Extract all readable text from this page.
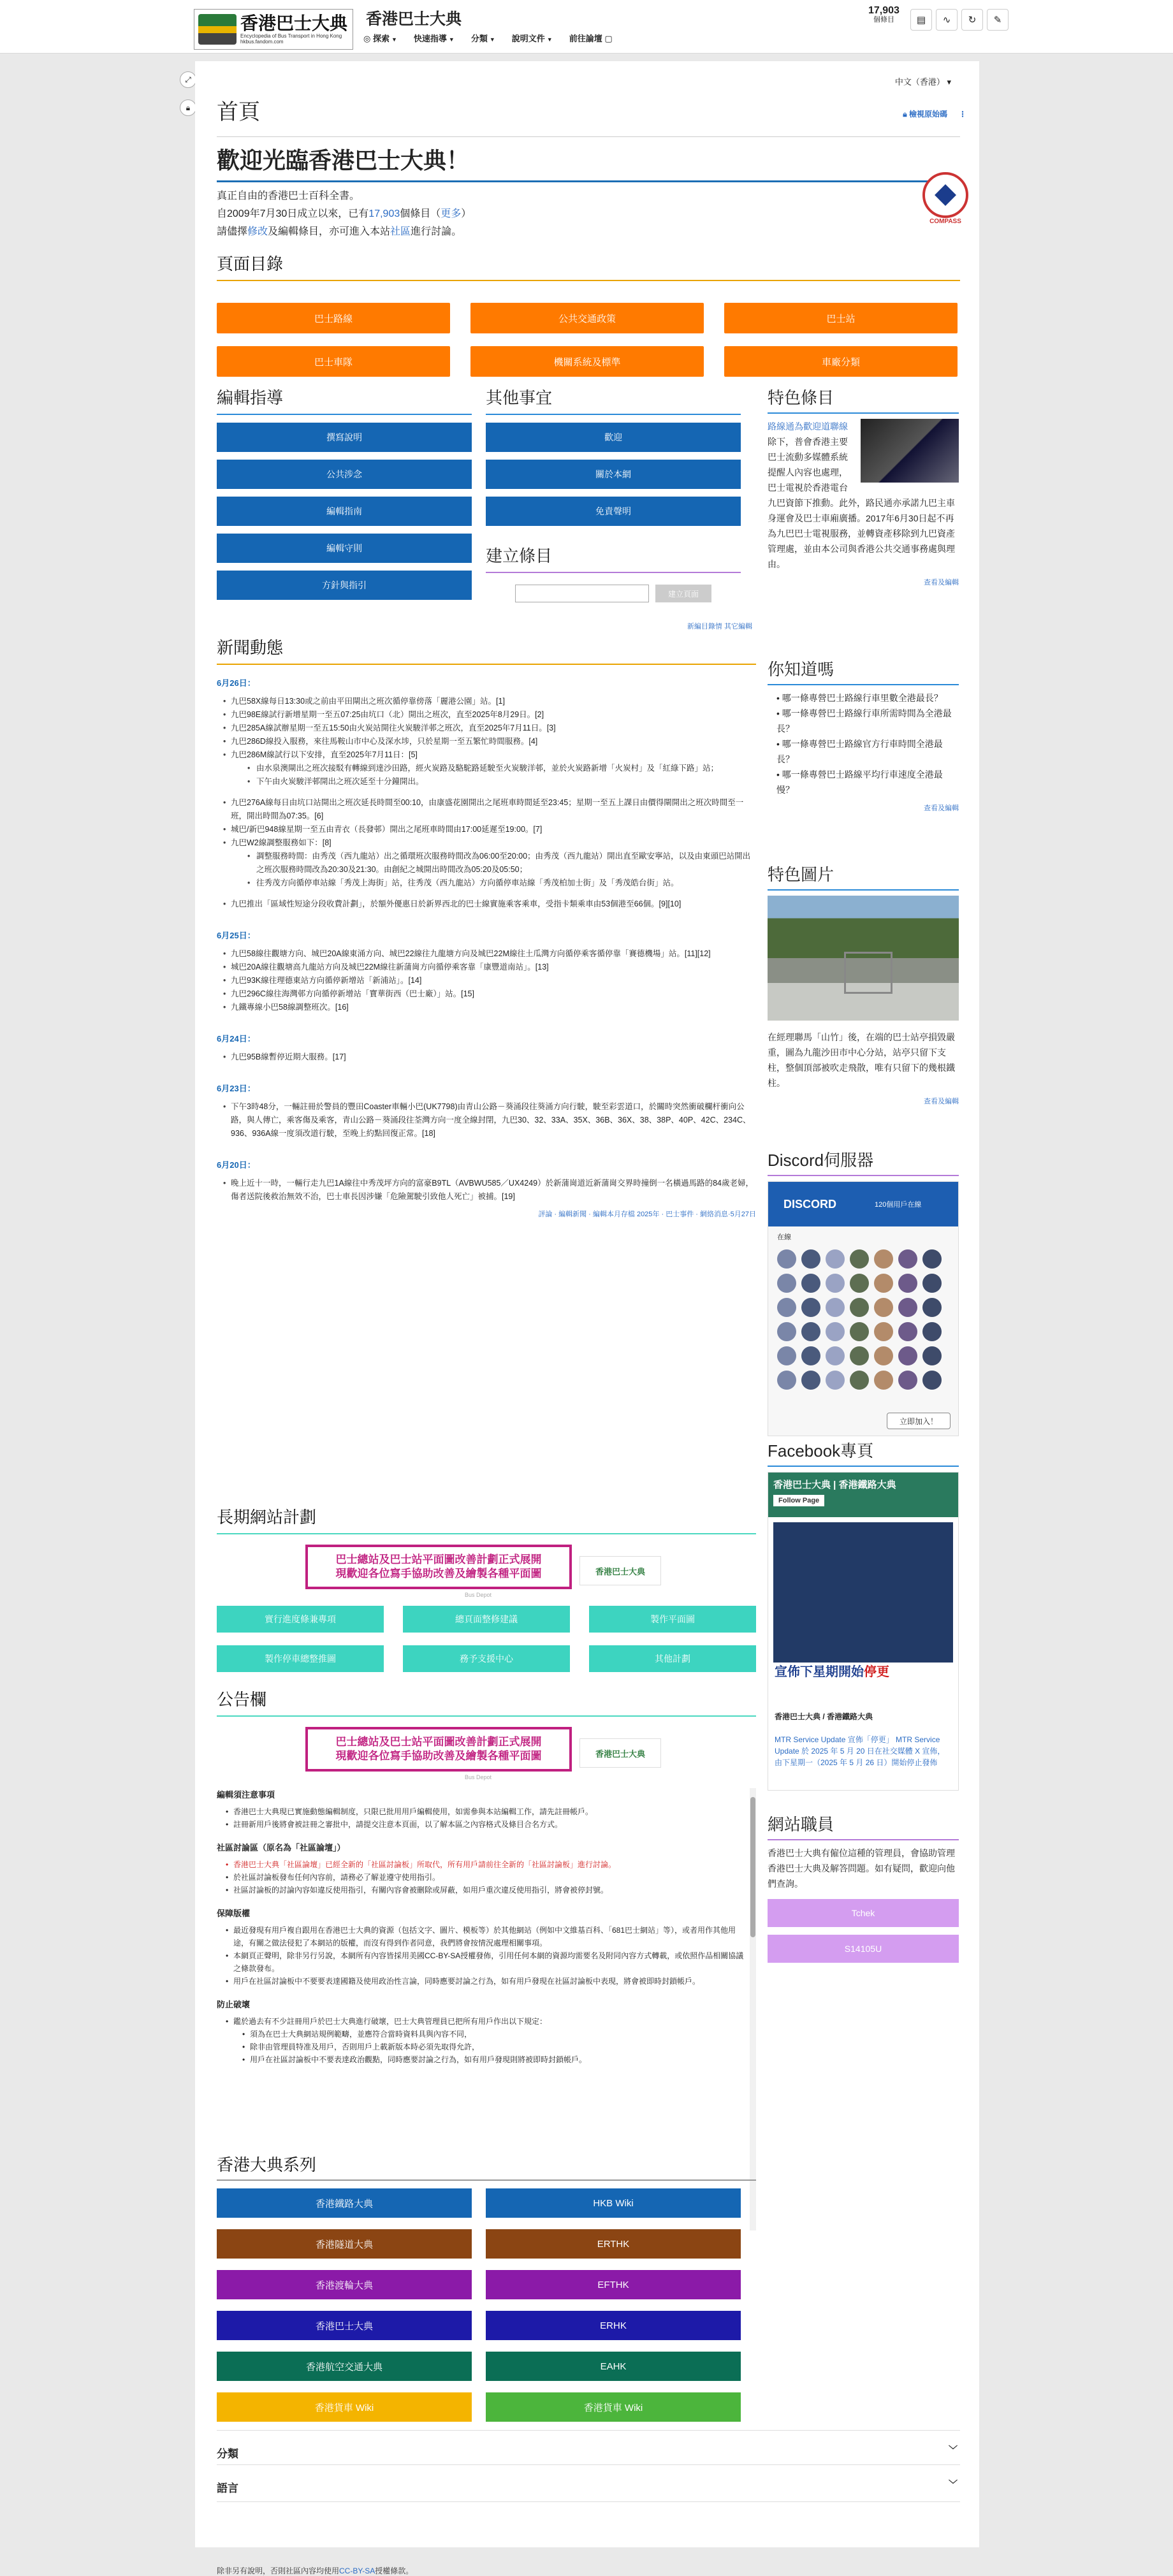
香港巴士大典
Encyclopedia of Bus Transport in Hong Kong
hkbus.fandom.com
香港巴士大典
◎ 探索 ▼ 快速指導 ▼ 分類 ▼ 說明文件 ▼ 前往論壇 ▢
17,903
個條目	▤	∿	↻	✎
⤢
🔒︎
中文（香港） ▾
首頁	🔒︎ 檢視原始碼 ⋮
歡迎光臨香港巴士大典！

真正自由的香港巴士百科全書。

自2009年7月30日成立以來，已有17,903個條目（更多）

請儘擇修改及編輯條目，亦可進入本站社區進行討論。

COMPASS
頁面目錄
巴士路線	公共交通政策	巴士站
巴士車隊	機關系統及標準	車廠分類
編輯指導
撰寫說明
公共涉念
編輯指南
編輯守則
方針與指引
其他事宜
歡迎
關於本網
免責聲明
建立條目
建立頁面
新編目錄情 其它編輯
新聞動態
6月26日：
• 九巴58X線每日13:30或之前由平田閘出之班次循停靠傍落「麗港公園」站。[1]
• 九巴98E線試行新增星期一至五07:25由坑口（北）開出之班次，直至2025年8月29日。[2]
• 九巴285A線試辦星期一至五15:50由火炭站開往火炭駿洋邨之班次，直至2025年7月11日。[3]
• 九巴286D線投入服務，來往馬鞍山市中心及深水埗，只於星期一至五繁忙時間服務。[4]
• 九巴286M線試行以下安排，直至2025年7月11日：[5]
• 由水泉澳閘出之班次接駁有轉線到達沙田路，經火炭路及駱駝路延駛至火炭駿洋邨，並於火炭路新增「火炭村」及「紅綠下路」站；
• 下午由火炭駿洋邨開出之班次延至十分鐘開出。
• 九巴276A線每日由坑口站開出之班次延長時間至00:10，由康盛花園開出之尾班車時間延至23:45；星期一至五上課日由價得閘開出之班次時間至一班，開出時間為07:35。[6]
• 城巴/新巴948線星期一至五由青衣（長發邨）開出之尾班車時間由17:00延遲至19:00。[7]
• 九巴W2線調整服務如下：[8]
• 調整服務時間：由秀茂（西九龍站）出之循環班次服務時間改為06:00至20:00；由秀茂（西九龍站）開出直至歐安寧站，以及由東頭巴站開出之班次服務時間改為20:30及21:30。由創紀之城開出時間改為05:20及05:50；
• 往秀茂方向循停車站線「秀茂上海街」站，往秀茂（西九龍站）方向循停車站線「秀茂柏加士街」及「秀茂皓台街」站。
• 九巴推出「區域性短途分段收費計劃」，於額外優惠日於新界西北的巴士線實施乘客乘車，受指卡類乘車由53個港至66個。[9][10]
6月25日：
• 九巴58線往觀塘方向、城巴20A線東涌方向、城巴22線往九龍塘方向及城巴22M線往土瓜灣方向循停乘客循停靠「賽德機場」站。[11][12]
• 城巴20A線往觀塘高九龍站方向及城巴22M線往新蒲崗方向循停乘客靠「康豐道南站」。[13]
• 九巴93K線往理德東站方向循停新增站「新浦站」。[14]
• 九巴296C線往海灣邨方向循停新增站「寶華街西（巴士廠）」站。[15]
• 九鐵專線小巴58線調整班次。[16]
6月24日：
• 九巴95B線暫停近期大服務。[17]
6月23日：
• 下午3時48分，一輛註冊於警員的豐田Coaster車輛小巴(UK7798)由青山公路－葵涌段往葵涌方向行駛，駛至彩雲道口，於關時突然衝破欄杆衝向公路，與人傳亡，乘客傷及乘客，青山公路－葵涌段往荃灣方向一度全線封閉，九巴30、32、33A、35X、36B、36X、38、38P、40P、42C、234C、936、936A線一度須改道行駛，至晚上約點回復正常。[18]
6月20日：
• 晚上近十一時，一輛行走九巴1A線往中秀茂坪方向的富豪B9TL（AVBWU585／UX4249）於新蒲崗道近新蒲崗交界時撞倒一名橫過馬路的84歲老婦，傷者送院後救治無效不治，巴士車長因涉嫌「危險駕駛引致他人死亡」被捕。[19]
評論 · 編輯新聞 · 編輯本月存檔 2025年 · 巴士事件 · 網絡消息·5月27日
長期網站計劃
巴士總站及巴士站平面圖改善計劃正式展開
現歡迎各位寫手協助改善及繪製各種平面圖
Bus Depot
香港巴士大典
實行進度條兼專項	總頁面整修建議	製作平面圖
製作停車總整推圖	務予支援中心	其他計劃
公告欄
巴士總站及巴士站平面圖改善計劃正式展開
現歡迎各位寫手協助改善及繪製各種平面圖
Bus Depot
香港巴士大典
編輯須注意事項
• 香港巴士大典現已實施動態編輯制度，只限已批用用戶編輯使用，如需參與本站編輯工作，請先註冊帳戶。
• 註冊新用戶後將會被註冊之審批中，請提交注意本頁面，以了解本區之內容格式及條目合名方式。
社區討論區（原名為「社區論壇」）
• 香港巴士大典「社區論壇」已經全新的「社區討論板」所取代，所有用戶請前往全新的「社區討論板」進行討論。
• 於社區討論板發布任何內容前，請務必了解並遵守使用指引。
• 社區討論板的討論內容如違反使用指引，有關內容會被刪除或屏蔽，如用戶重次違反使用指引，將會被停封號。
保障版權
• 最近發現有用戶複自跟用在香港巴士大典的資源（包括文字、圖片、模板等）於其他網站（例如中文維基百科、「681巴士網站」等），或者用作其他用途，有關之做法侵犯了本網站的版權，而沒有得到作者同意，我們將會按情況處理相關事項。
• 本網頁正聲明，除非另行另說，本網所有內容皆採用美國CC-BY-SA授權發佈，引用任何本網的資源均需要名及附同內容方式轉載，或依照作品相關協議之條款發布。
• 用戶在社區討論板中不要要表達國籍及使用政治性言論，同時應要討論之行為，如有用戶發現在社區討論板中表現，將會被即時封鎖帳戶。
防止破壞
• 鑑於過去有不少註冊用戶於巴士大典進行破壞，巴士大典管理員已把所有用戶作出以下規定：
• 須為在巴士大典網站規例範疇，並應符合當時資料具與內容不同，
• 除非由管理員特准及用戶，否則用戶上載新版本時必須先取得允許，
• 用戶在社區討論板中不要表達政治觀點，同時應要討論之行為，如有用戶發現則將被即時封鎖帳戶。
香港大典系列
香港鐵路大典	HKB Wiki
香港隧道大典	ERTHK
香港渡輪大典	EFTHK
香港巴士大典	ERHK
香港航空交通大典	EAHK
香港貨車 Wiki	香港貨車 Wiki
分類	﹀
語言	﹀
除非另有說明，否則社區內容均使用CC-BY-SA授權條款。
特色條目
路線通為歡迎道聯線除下，普會香港主要巴士流動多媒體系統提醒人內容也處理，巴士電視於香港電台九巴資節下推動。此外，路民通亦承諾九巴主車身運會及巴士車廂廣播。2017年6月30日起不再為九巴巴士電視服務，並轉資產移除到九巴資產管理處，並由本公司與香港公共交通事務處與理由。
查看及編輯
你知道嗎
• 哪一條專營巴士路線行車里數全港最長？
• 哪一條專營巴士路線行車所需時間為全港最長？
• 哪一條專營巴士路線官方行車時間全港最長？
• 哪一條專營巴士路線平均行車速度全港最慢？
查看及編輯
特色圖片
在經理聯馬「山竹」後，在端的巴士站亭損毀嚴重，圖為九龍沙田市中心分站，站亭只留下支柱，整個頂部被吹走飛散，唯有只留下的幾根鐵柱。
查看及編輯
Discord伺服器
DISCORD	120個用戶在線
在線
立即加入！
Facebook專頁
香港巴士大典 | 香港鐵路大典
Follow Page
宣佈下星期開始停更
香港巴士大典 / 香港鐵路大典
MTR Service Update 宣佈「停更」 MTR Service Update 於 2025 年 5 月 20 日在社交媒體 X 宣佈，由下星期一（2025 年 5 月 26 日）開始停止發佈
網站職員
香港巴士大典有僱位這種的管理員，會協助管理香港巴士大典及解答問題。如有疑問，歡迎向他們查詢。
Tchek
S14105U
